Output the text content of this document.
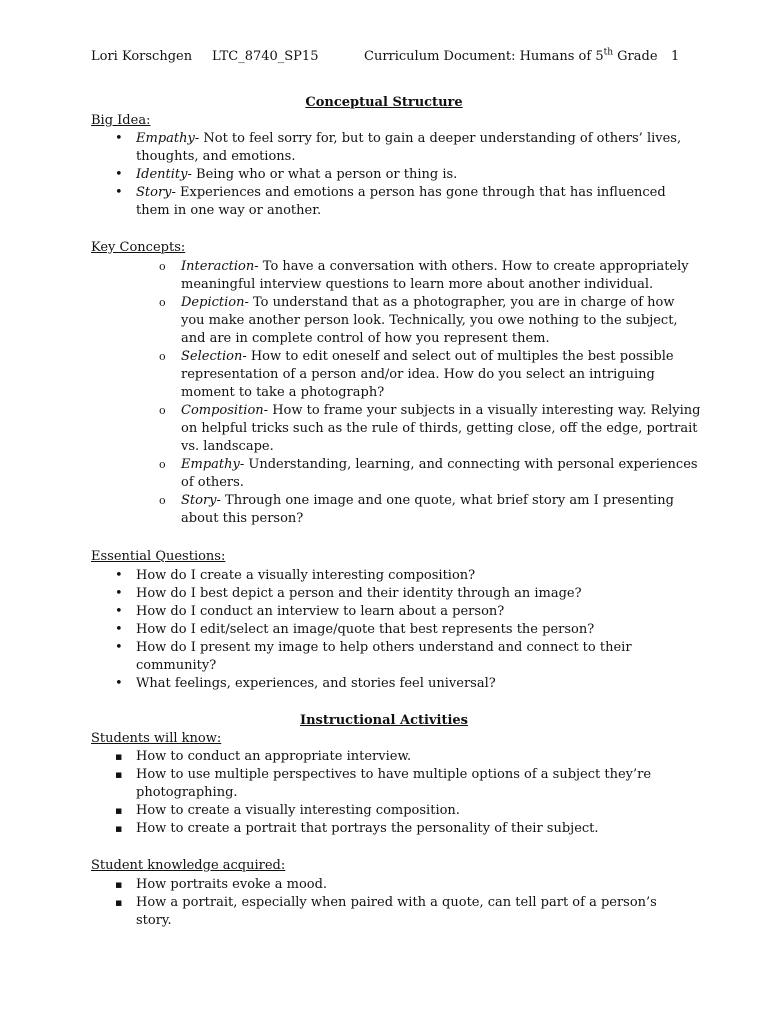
Lori Korschgen LTC_8740_SP15	Curriculum Document: Humans of 5th Grade 1
Conceptual Structure
Big Idea:
• Empathy- Not to feel sorry for, but to gain a deeper understanding of others’ lives, thoughts, and emotions.
• Identity- Being who or what a person or thing is.
• Story- Experiences and emotions a person has gone through that has influenced them in one way or another.
Key Concepts:
o Interaction- To have a conversation with others. How to create appropriately meaningful interview questions to learn more about another individual.
o Depiction- To understand that as a photographer, you are in charge of how you make another person look. Technically, you owe nothing to the subject, and are in complete control of how you represent them.
o Selection- How to edit oneself and select out of multiples the best possible representation of a person and/or idea. How do you select an intriguing moment to take a photograph?
o Composition- How to frame your subjects in a visually interesting way. Relying on helpful tricks such as the rule of thirds, getting close, off the edge, portrait vs. landscape.
o Empathy- Understanding, learning, and connecting with personal experiences of others.
o Story- Through one image and one quote, what brief story am I presenting about this person?
Essential Questions:
• How do I create a visually interesting composition?
• How do I best depict a person and their identity through an image?
• How do I conduct an interview to learn about a person?
• How do I edit/select an image/quote that best represents the person?
• How do I present my image to help others understand and connect to their community?
• What feelings, experiences, and stories feel universal?
Instructional Activities
Students will know:
▪ How to conduct an appropriate interview.
▪ How to use multiple perspectives to have multiple options of a subject they’re photographing.
▪ How to create a visually interesting composition.
▪ How to create a portrait that portrays the personality of their subject.
Student knowledge acquired:
▪ How portraits evoke a mood.
▪ How a portrait, especially when paired with a quote, can tell part of a person’s story.
